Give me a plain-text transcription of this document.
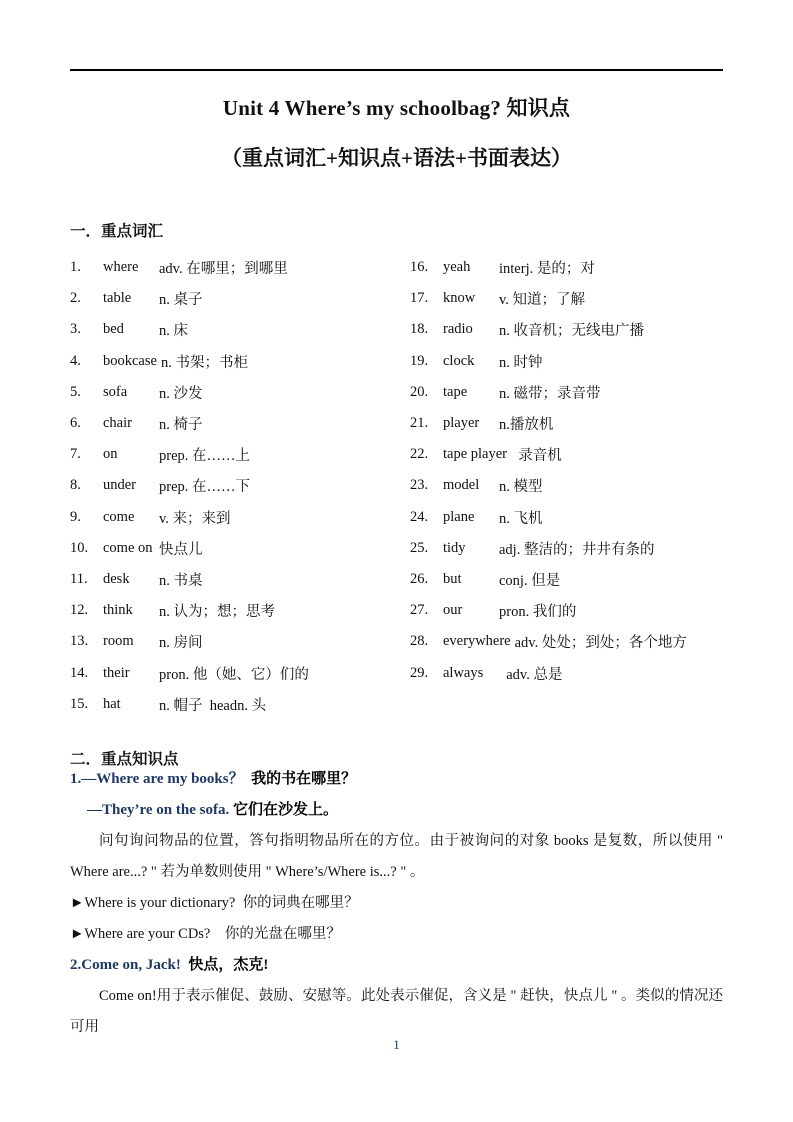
Unit 4 Where’s my schoolbag? 知识点
（重点词汇+知识点+语法+书面表达）
一．重点词汇
1.	where	adv. 在哪里；到哪里
2.	table	n. 桌子
3.	bed	n. 床
4.	bookcase n. 书架；书柜
5.	sofa	n. 沙发
6.	chair	n. 椅子
7.	on	prep. 在……上
8.	under	prep. 在……下
9.	come	v. 来；来到
10.	come on 快点儿
11.	desk	n. 书桌
12.	think	n. 认为；想；思考
13.	room	n. 房间
14.	their	pron. 他（她、它）们的
15.	hat	n. 帽子  headn. 头
16.	yeah	interj. 是的；对
17.	know	v. 知道；了解
18.	radio	n. 收音机；无线电广播
19.	clock	n. 时钟
20.	tape	n. 磁带；录音带
21.	player	n.播放机
22.	tape player 录音机
23.	model	n. 模型
24.	plane	n. 飞机
25.	tidy	adj. 整洁的；井井有条的
26.	but	conj. 但是
27.	our	pron. 我们的
28.	everywhere adv. 处处；到处；各个地方
29.	always	adv. 总是
二．重点知识点
1.—Where are my books？  我的书在哪里？
—They’re on the sofa. 它们在沙发上。
问句询问物品的位置，答句指明物品所在的方位。由于被询问的对象 books 是复数，所以使用 " Where are...? " 若为单数则使用 " Where’s/Where is...? " 。
►Where is your dictionary?  你的词典在哪里？
►Where are your CDs?    你的光盘在哪里？
2.Come on, Jack!  快点，杰克!
Come on!用于表示催促、鼓励、安慰等。此处表示催促，含义是 " 赶快，快点儿 " 。类似的情况还可用
1
